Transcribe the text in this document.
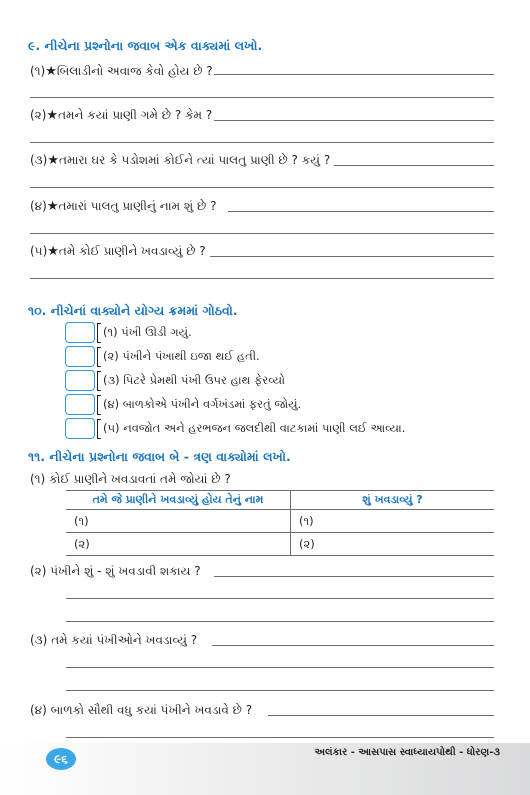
૯. નીચેના પ્રશ્નોના જવાબ એક વાક્યમાં લખો.
(૧)★બિલાડીનો અવાજ કેવો હોય છે ?
(૨)★તમને કયાં પ્રાણી ગમે છે ? કેમ ?
(૩)★તમારા ઘર કે પડોશમાં કોઈને ત્યાં પાલતુ પ્રાણી છે ? કયું ?
(૪)★તમારાં પાલતુ પ્રાણીનું નામ શું છે ?
(૫)★તમે કોઈ પ્રાણીને ખવડાવ્યું છે ?
૧૦. નીચેનાં વાક્યોને યોગ્ય ક્રમમાં ગોઠવો.
(૧) પંખી ઊડી ગયું.
(૨) પંખીને પંખાથી ઇજા થઈ હતી.
(૩) પિટરે પ્રેમથી પંખી ઉપર હાથ ફેરવ્યો
(૪) બાળકોએ પંખીને વર્ગખંડમાં ફરતું જોયું.
(૫) નવજોત અને હરભજન જલદીથી વાટકામાં પાણી લઈ આવ્યા.
૧૧. નીચેના પ્રશ્નોના જવાબ બે - ત્રણ વાક્યોમાં લખો.
(૧) કોઈ પ્રાણીને ખવડાવતાં તમે જોયાં છે ?
તમે જે પ્રાણીને ખવડાવ્યું હોય તેનું નામ	શું ખવડાવ્યું ?
(૧)	(૧)
(૨)	(૨)
(૨) પંખીને શું - શું ખવડાવી શકાય ?
(૩) તમે કયાં પંખીઓને ખવડાવ્યું ?
(૪) બાળકો સૌથી વધુ કયાં પંખીને ખવડાવે છે ?
૯૬	અલંકાર - આસપાસ સ્વાધ્યાયપોથી - ધોરણ-૩
